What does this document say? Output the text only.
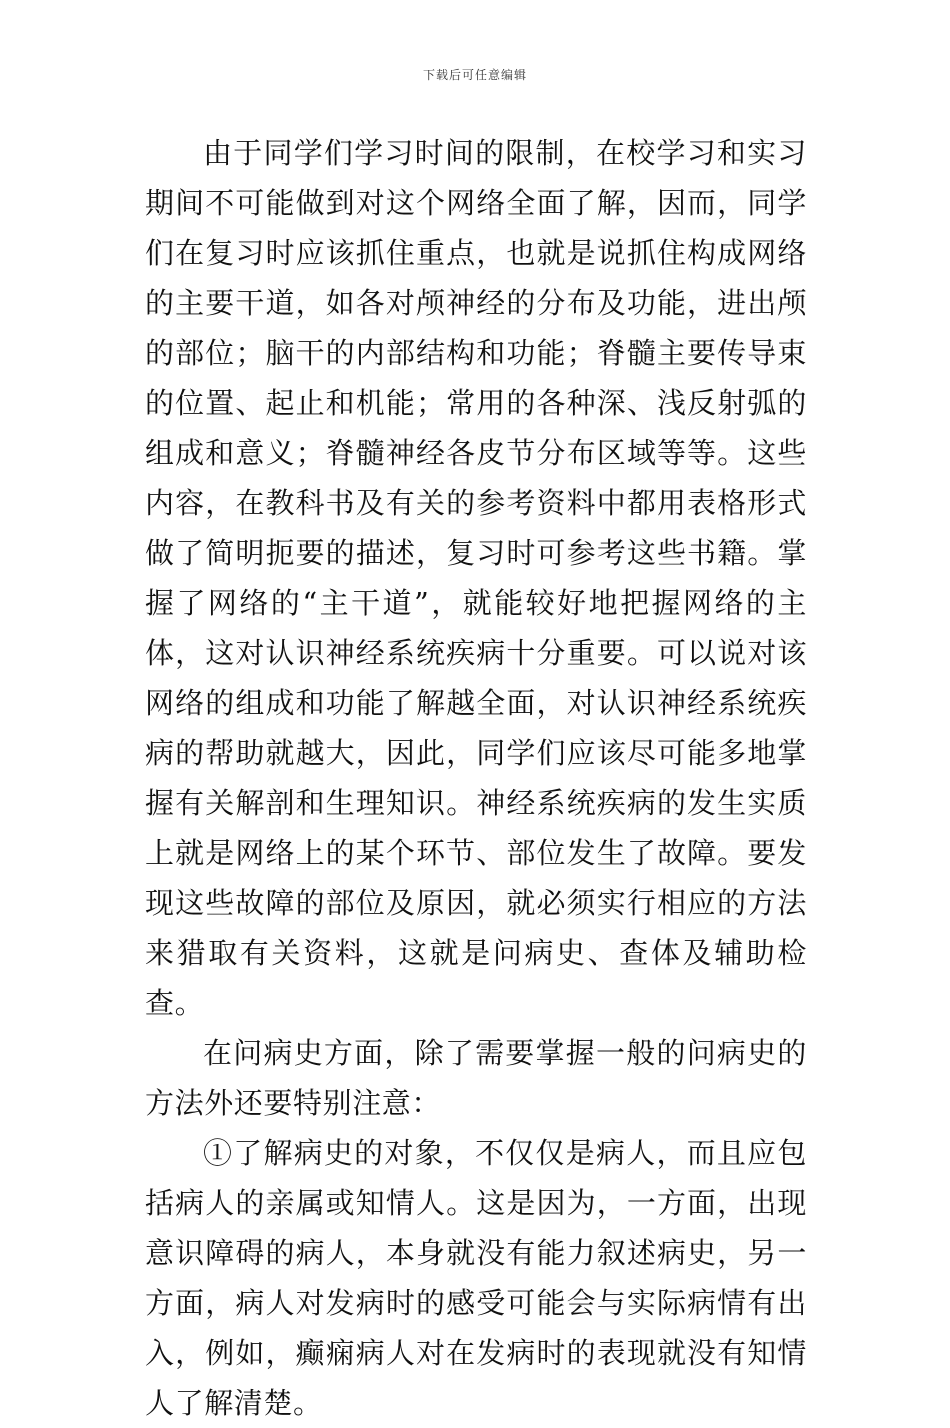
下载后可任意编辑

由于同学们学习时间的限制，在校学习和实习期间不可能做到对这个网络全面了解，因而，同学们在复习时应该抓住重点，也就是说抓住构成网络的主要干道，如各对颅神经的分布及功能，进出颅的部位；脑干的内部结构和功能；脊髓主要传导束的位置、起止和机能；常用的各种深、浅反射弧的组成和意义；脊髓神经各皮节分布区域等等。这些内容，在教科书及有关的参考资料中都用表格形式做了简明扼要的描述，复习时可参考这些书籍。掌握了网络的“主干道”，就能较好地把握网络的主体，这对认识神经系统疾病十分重要。可以说对该网络的组成和功能了解越全面，对认识神经系统疾病的帮助就越大，因此，同学们应该尽可能多地掌握有关解剖和生理知识。神经系统疾病的发生实质上就是网络上的某个环节、部位发生了故障。要发现这些故障的部位及原因，就必须实行相应的方法来猎取有关资料，这就是问病史、查体及辅助检查。

在问病史方面，除了需要掌握一般的问病史的方法外还要特别注意：

①了解病史的对象，不仅仅是病人，而且应包括病人的亲属或知情人。这是因为，一方面，出现意识障碍的病人，本身就没有能力叙述病史，另一方面，病人对发病时的感受可能会与实际病情有出入，例如，癫痫病人对在发病时的表现就没有知情人了解清楚。
